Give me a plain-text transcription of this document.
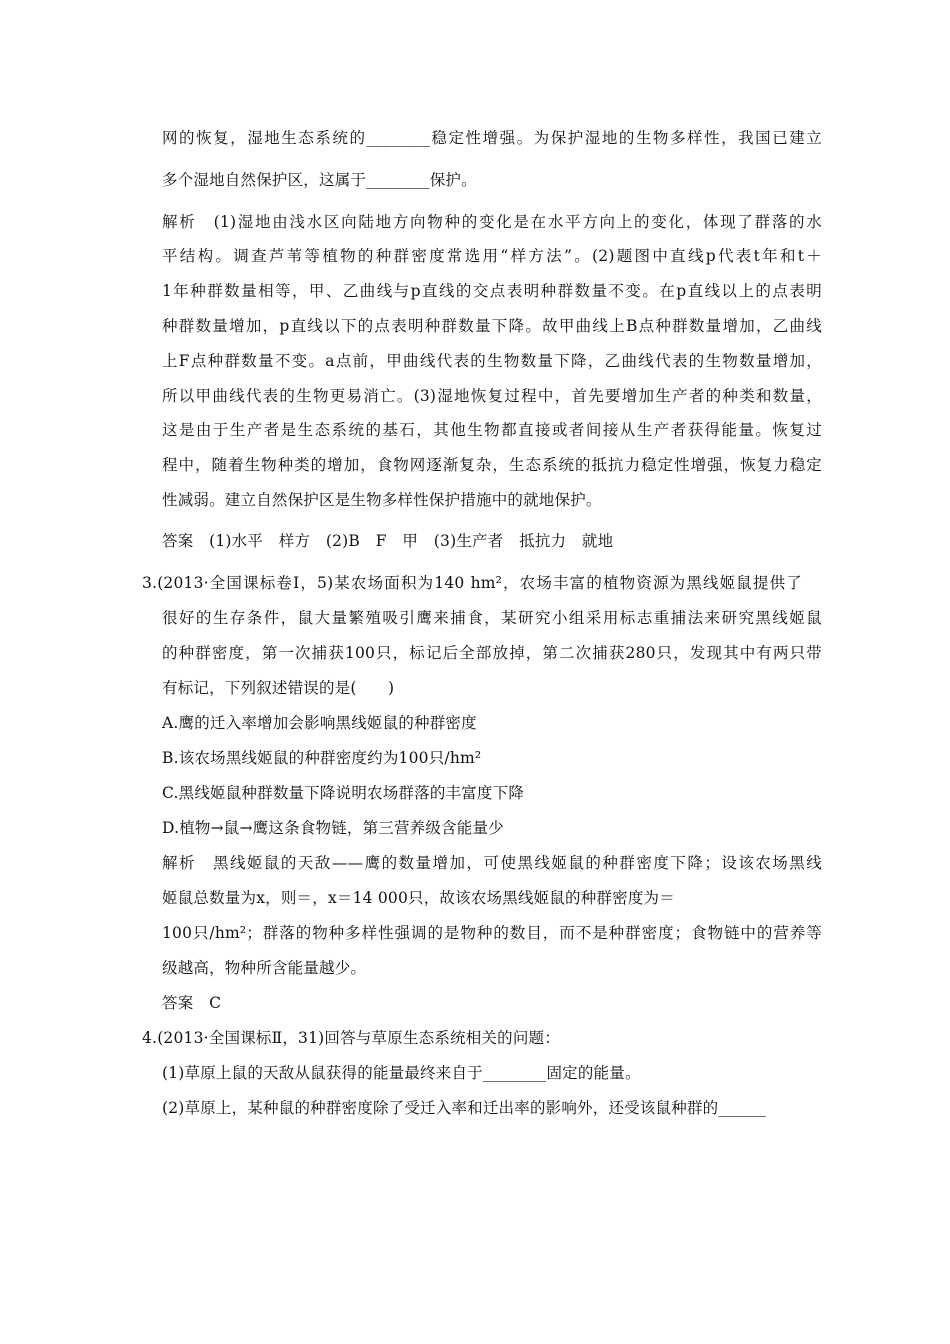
网的恢复，湿地生态系统的________稳定性增强。为保护湿地的生物多样性，我国已建立
多个湿地自然保护区，这属于________保护。
解析　(1)湿地由浅水区向陆地方向物种的变化是在水平方向上的变化，体现了群落的水
平结构。调查芦苇等植物的种群密度常选用“样方法”。(2)题图中直线p代表t年和t＋
1年种群数量相等，甲、乙曲线与p直线的交点表明种群数量不变。在p直线以上的点表明
种群数量增加，p直线以下的点表明种群数量下降。故甲曲线上B点种群数量增加，乙曲线
上F点种群数量不变。a点前，甲曲线代表的生物数量下降，乙曲线代表的生物数量增加，
所以甲曲线代表的生物更易消亡。(3)湿地恢复过程中，首先要增加生产者的种类和数量，
这是由于生产者是生态系统的基石，其他生物都直接或者间接从生产者获得能量。恢复过
程中，随着生物种类的增加，食物网逐渐复杂，生态系统的抵抗力稳定性增强，恢复力稳定
性减弱。建立自然保护区是生物多样性保护措施中的就地保护。
答案　(1)水平　样方　(2)B　F　甲　(3)生产者　抵抗力　就地
3.(2013·全国课标卷Ⅰ，5)某农场面积为140 hm²，农场丰富的植物资源为黑线姬鼠提供了
很好的生存条件，鼠大量繁殖吸引鹰来捕食，某研究小组采用标志重捕法来研究黑线姬鼠
的种群密度，第一次捕获100只，标记后全部放掉，第二次捕获280只，发现其中有两只带
有标记，下列叙述错误的是(　　)
A.鹰的迁入率增加会影响黑线姬鼠的种群密度
B.该农场黑线姬鼠的种群密度约为100只/hm²
C.黑线姬鼠种群数量下降说明农场群落的丰富度下降
D.植物→鼠→鹰这条食物链，第三营养级含能量少
解析　黑线姬鼠的天敌——鹰的数量增加，可使黑线姬鼠的种群密度下降；设该农场黑线
姬鼠总数量为x，则＝，x＝14 000只，故该农场黑线姬鼠的种群密度为＝
100只/hm²；群落的物种多样性强调的是物种的数目，而不是种群密度；食物链中的营养等
级越高，物种所含能量越少。
答案　C
4.(2013·全国课标Ⅱ，31)回答与草原生态系统相关的问题：
(1)草原上鼠的天敌从鼠获得的能量最终来自于________固定的能量。
(2)草原上，某种鼠的种群密度除了受迁入率和迁出率的影响外，还受该鼠种群的______
